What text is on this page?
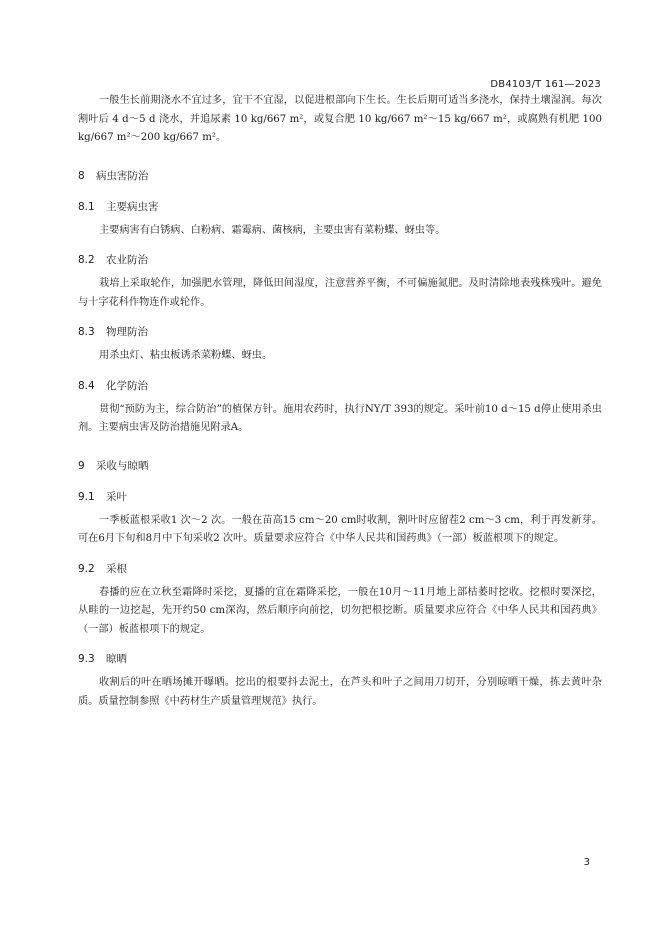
DB4103/T 161—2023

一般生长前期浇水不宜过多，宜干不宜湿，以促进根部向下生长。生长后期可适当多浇水，保持土壤湿润。每次割叶后 4 d～5 d 浇水，并追尿素 10 kg/667 m²，或复合肥 10 kg/667 m²～15 kg/667 m²，或腐熟有机肥 100 kg/667 m²～200 kg/667 m²。

8	病虫害防治
8.1	主要病虫害

主要病害有白锈病、白粉病、霜霉病、菌核病，主要虫害有菜粉蝶、蚜虫等。

8.2	农业防治

栽培上采取轮作，加强肥水管理，降低田间湿度，注意营养平衡，不可偏施氮肥。及时清除地表残株残叶。避免与十字花科作物连作或轮作。

8.3	物理防治

用杀虫灯、粘虫板诱杀菜粉蝶、蚜虫。

8.4	化学防治

贯彻“预防为主，综合防治”的植保方针。施用农药时，执行NY/T 393的规定。采叶前10 d～15 d停止使用杀虫剂。主要病虫害及防治措施见附录A。

9	采收与晾晒
9.1	采叶

一季板蓝根采收1 次～2 次。一般在苗高15 cm～20 cm时收割，割叶时应留茬2 cm～3 cm，利于再发新芽。可在6月下旬和8月中下旬采收2 次叶。质量要求应符合《中华人民共和国药典》（一部）板蓝根项下的规定。

9.2	采根

春播的应在立秋至霜降时采挖，夏播的宜在霜降采挖，一般在10月～11月地上部枯萎时挖收。挖根时要深挖，从畦的一边挖起，先开约50 cm深沟，然后顺序向前挖，切勿把根挖断。质量要求应符合《中华人民共和国药典》（一部）板蓝根项下的规定。

9.3	晾晒

收割后的叶在晒场摊开曝晒。挖出的根要抖去泥土，在芦头和叶子之间用刀切开，分别晾晒干燥，拣去黄叶杂质。质量控制参照《中药材生产质量管理规范》执行。

3
